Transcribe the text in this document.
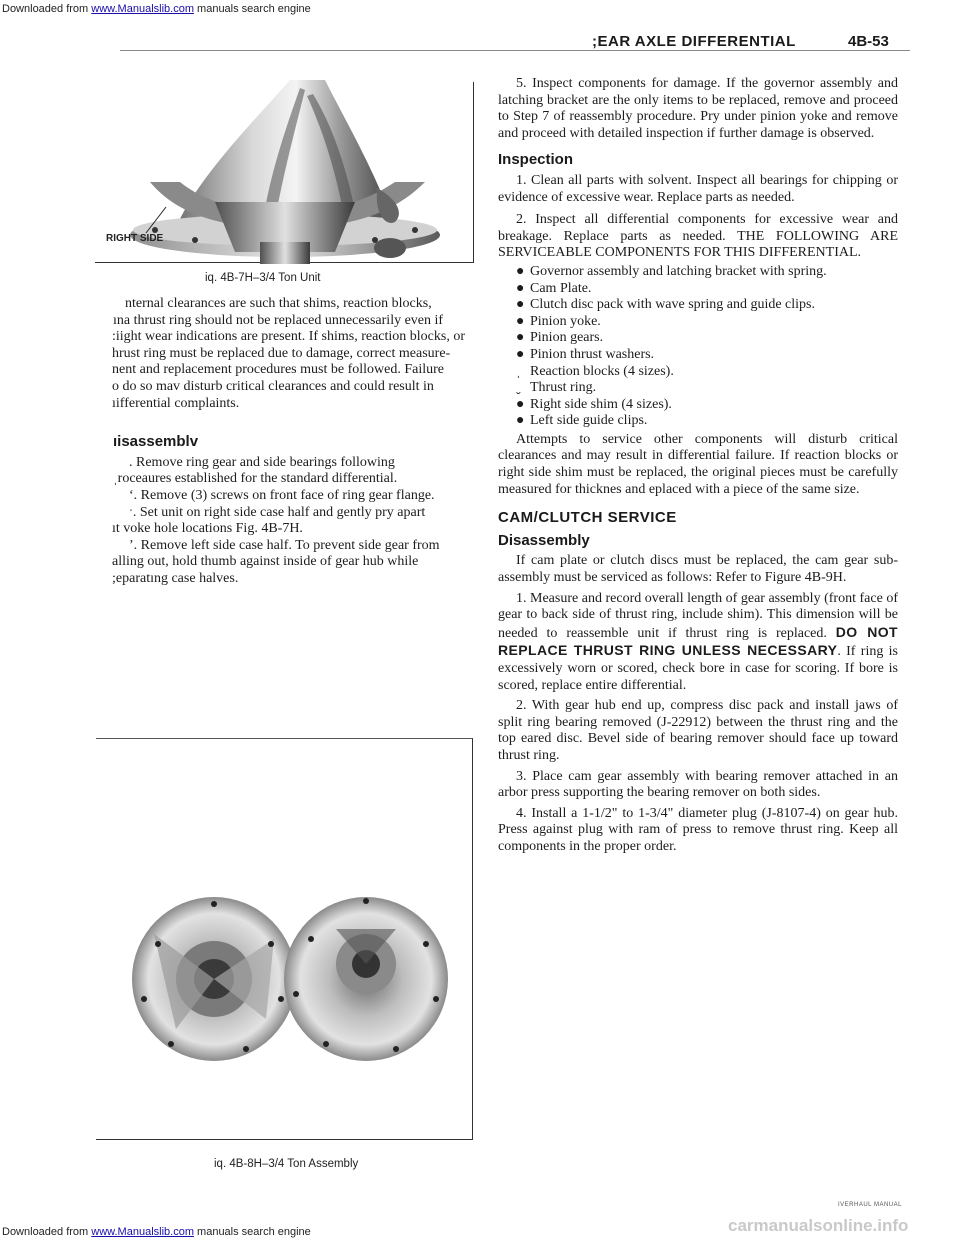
Downloaded from www.Manualslib.com manuals search engine
;EAR AXLE DIFFERENTIAL	4B-53
RIGHT SIDE
iq. 4B-7H–3/4 Ton Unit

nternal clearances are such that shims, reaction blocks,

ına thrust ring should not be replaced unnecessarily even if

:iight wear indications are present. If shims, reaction blocks, or

hrust ring must be replaced due to damage, correct measure-

nent and replacement procedures must be followed. Failure

o do so mav disturb critical clearances and could result in

ıifferential complaints.

ıisassemblv

. Remove ring gear and side bearings following

ˌroceaures established for the standard differential.

ʻ. Remove (3) screws on front face of ring gear flange.

ˑ. Set unit on right side case half and gently pry apart

ıt voke hole locations Fig. 4B-7H.

ʼ. Remove left side case half. To prevent side gear from

alling out, hold thumb against inside of gear hub while

;eparatıng case halves.

iq. 4B-8H–3/4 Ton Assembly

5. Inspect components for damage. If the governor assembly and latching bracket are the only items to be replaced, remove and proceed to Step 7 of reassembly procedure. Pry under pinion yoke and remove and proceed with detailed inspection if further damage is observed.

Inspection

1. Clean all parts with solvent. Inspect all bearings for chipping or evidence of excessive wear. Replace parts as needed.

2. Inspect all differential components for excessive wear and breakage. Replace parts as needed. THE FOLLOWING ARE SERVICEABLE COMPONENTS FOR THIS DIFFERENTIAL.

● Governor assembly and latching bracket with spring.

● Cam Plate.

● Clutch disc pack with wave spring and guide clips.

● Pinion yoke.

● Pinion gears.

● Pinion thrust washers.

ˌ Reaction blocks (4 sizes).

ˬ Thrust ring.

● Right side shim (4 sizes).

● Left side guide clips.

Attempts to service other components will disturb critical clearances and may result in differential failure. If reaction blocks or right side shim must be replaced, the original pieces must be carefully measured for thicknes and eplaced with a piece of the same size.

CAM/CLUTCH SERVICE
Disassembly

If cam plate or clutch discs must be replaced, the cam gear sub-assembly must be serviced as follows: Refer to Figure 4B-9H.

1. Measure and record overall length of gear assembly (front face of gear to back side of thrust ring, include shim). This dimension will be needed to reassemble unit if thrust ring is replaced. DO NOT REPLACE THRUST RING UNLESS NECESSARY. If ring is excessively worn or scored, check bore in case for scoring. If bore is scored, replace entire differential.

2. With gear hub end up, compress disc pack and install jaws of split ring bearing removed (J-22912) between the thrust ring and the top eared disc. Bevel side of bearing remover should face up toward thrust ring.

3. Place cam gear assembly with bearing remover attached in an arbor press supporting the bearing remover on both sides.

4. Install a 1-1/2" to 1-3/4" diameter plug (J-8107-4) on gear hub. Press against plug with ram of press to remove thrust ring. Keep all components in the proper order.

IVERHAUL MANUAL
carmanualsonline.info
Downloaded from www.Manualslib.com manuals search engine
